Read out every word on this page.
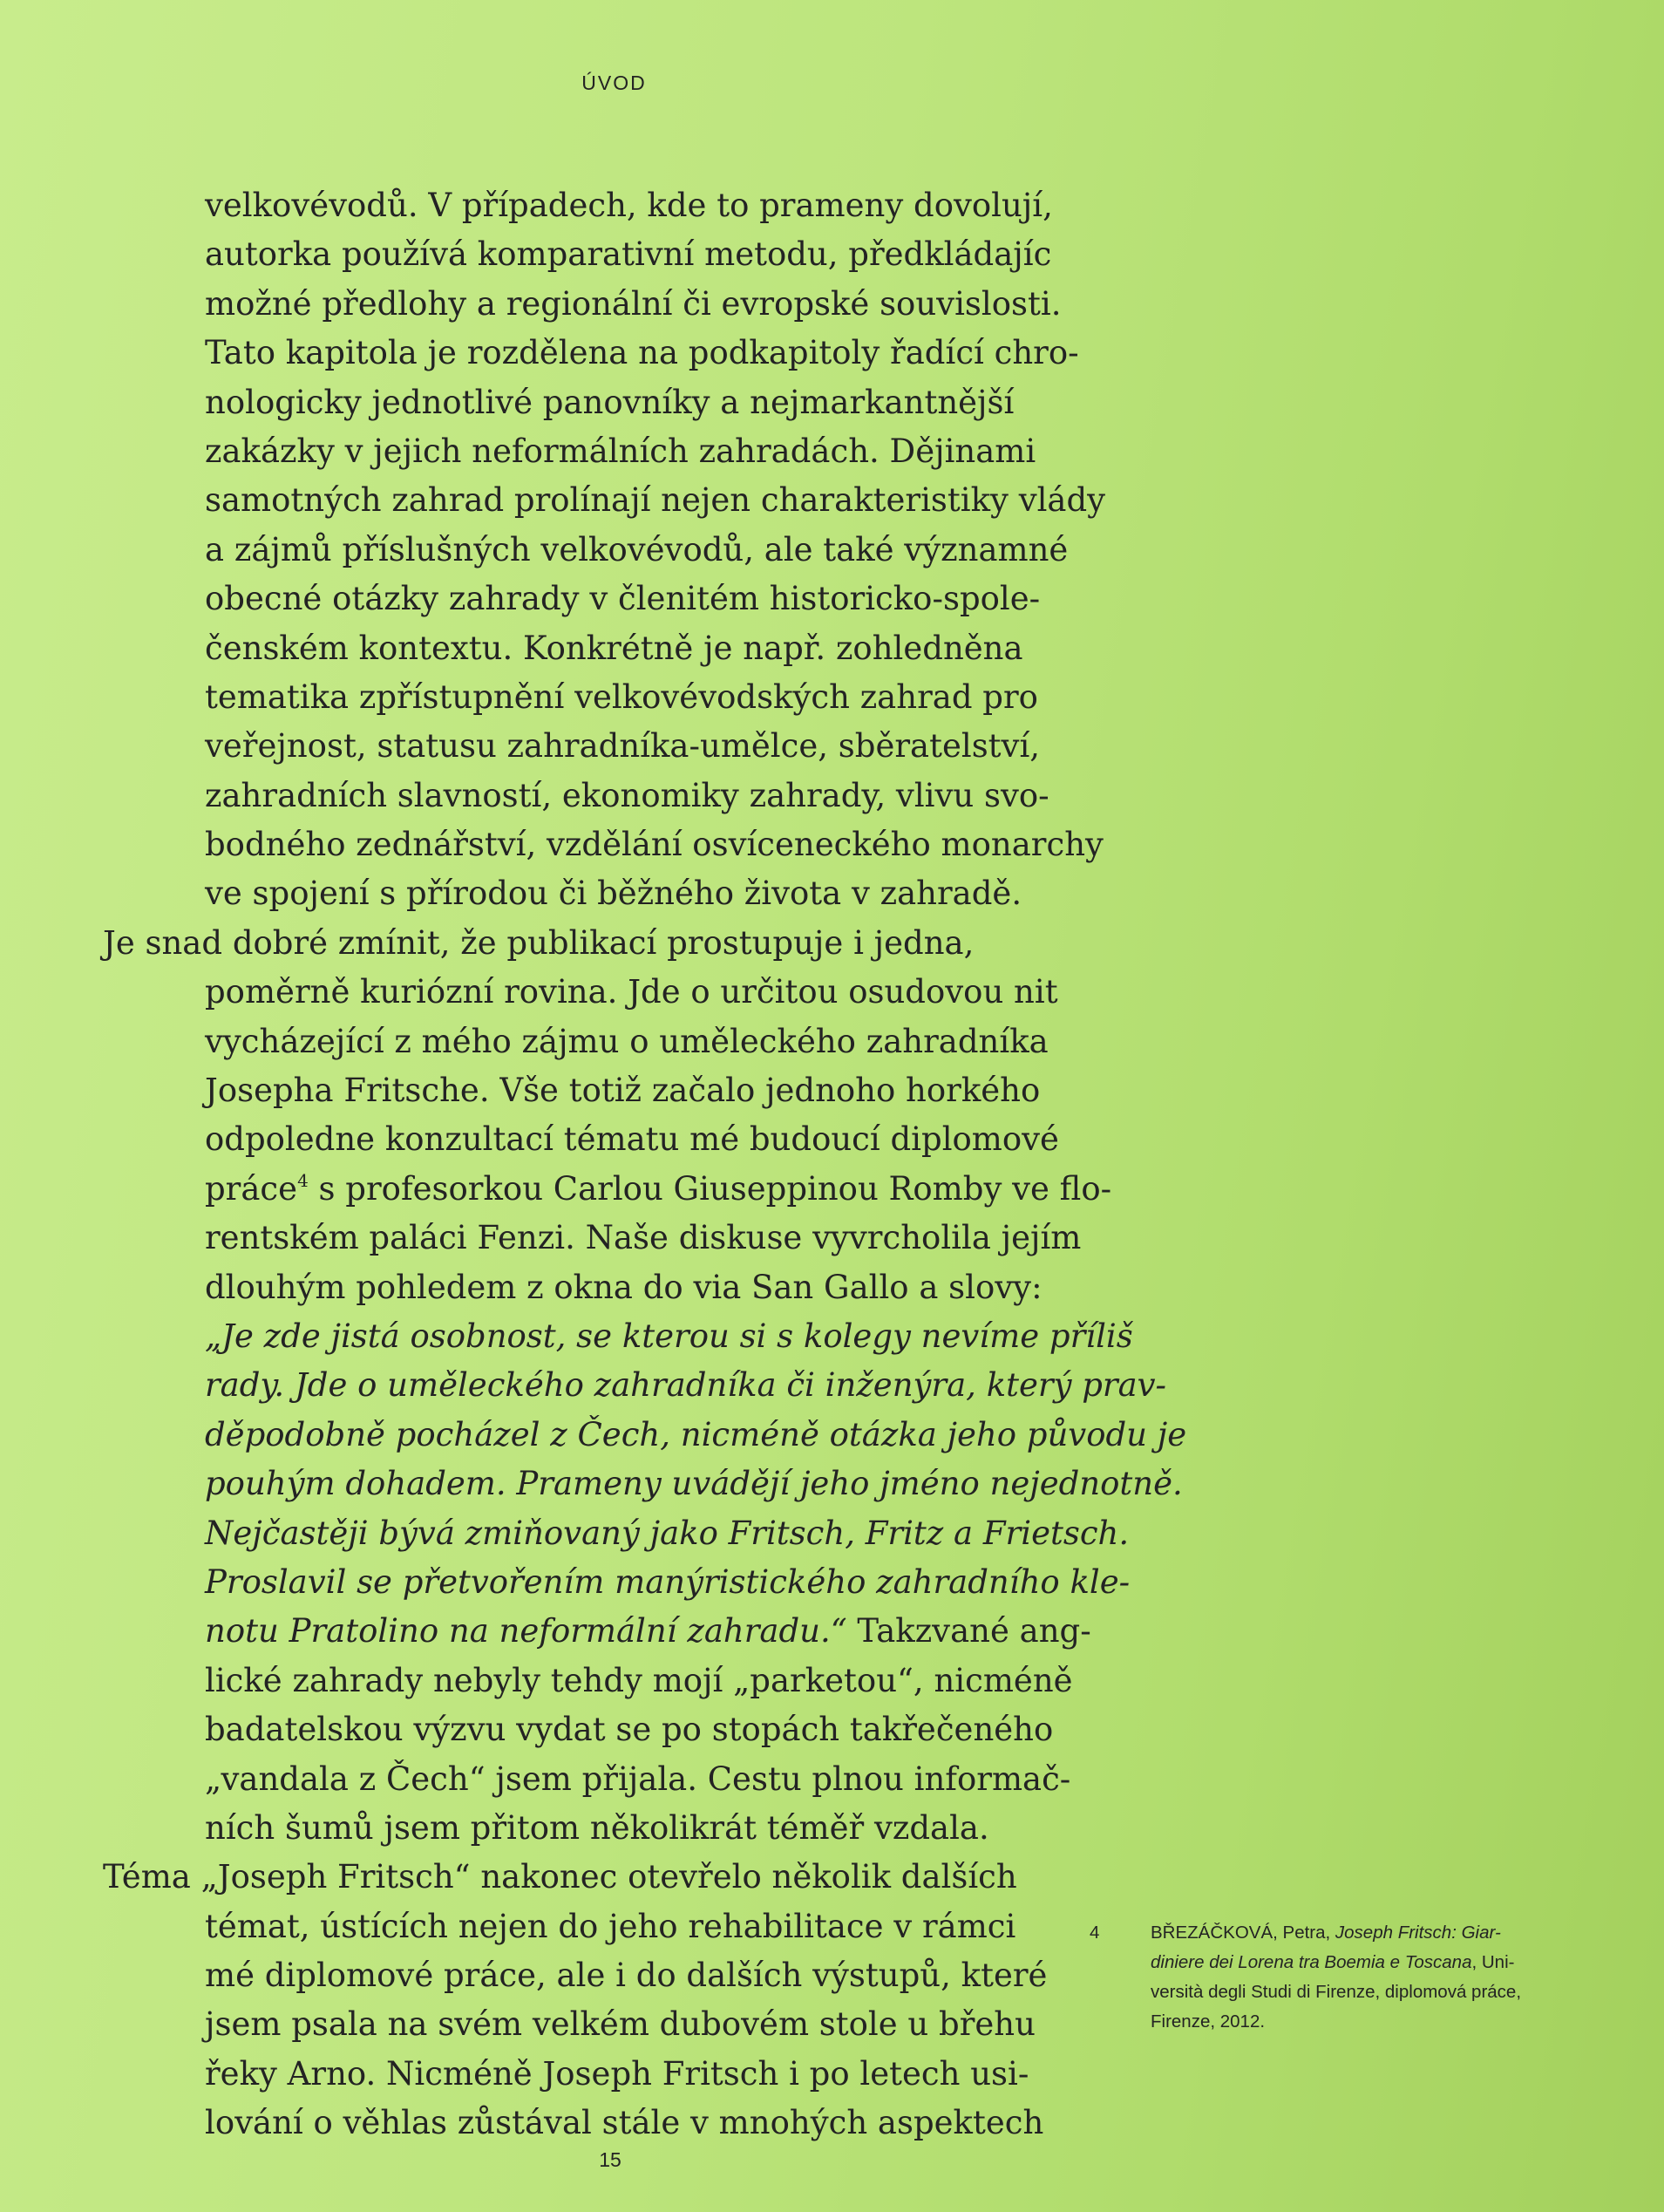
ÚVOD
velkovévodů. V případech, kde to prameny dovolují,
autorka používá komparativní metodu, předkládajíc
možné předlohy a regionální či evropské souvislosti.
Tato kapitola je rozdělena na podkapitoly řadící chro-
nologicky jednotlivé panovníky a nejmarkantnější
zakázky v jejich neformálních zahradách. Dějinami
samotných zahrad prolínají nejen charakteristiky vlády
a zájmů příslušných velkovévodů, ale také významné
obecné otázky zahrady v členitém historicko-spole-
čenském kontextu. Konkrétně je např. zohledněna
tematika zpřístupnění velkovévodských zahrad pro
veřejnost, statusu zahradníka-umělce, sběratelství,
zahradních slavností, ekonomiky zahrady, vlivu svo-
bodného zednářství, vzdělání osvíceneckého monarchy
ve spojení s přírodou či běžného života v zahradě.
Je snad dobré zmínit, že publikací prostupuje i jedna,
poměrně kuriózní rovina. Jde o určitou osudovou nit
vycházející z mého zájmu o uměleckého zahradníka
Josepha Fritsche. Vše totiž začalo jednoho horkého
odpoledne konzultací tématu mé budoucí diplomové
práce$^4$ s profesorkou Carlou Giuseppinou Romby ve flo-
rentském paláci Fenzi. Naše diskuse vyvrcholila jejím
dlouhým pohledem z okna do via San Gallo a slovy:
„Je zde jistá osobnost, se kterou si s kolegy nevíme příliš
rady. Jde o uměleckého zahradníka či inženýra, který prav-
děpodobně pocházel z Čech, nicméně otázka jeho původu je
pouhým dohadem. Prameny uvádějí jeho jméno nejednotně.
Nejčastěji bývá zmiňovaný jako Fritsch, Fritz a Frietsch.
Proslavil se přetvořením manýristického zahradního kle-
notu Pratolino na neformální zahradu.“ Takzvané ang-
lické zahrady nebyly tehdy mojí „parketou“, nicméně
badatelskou výzvu vydat se po stopách takřečeného
„vandala z Čech“ jsem přijala. Cestu plnou informač-
ních šumů jsem přitom několikrát téměř vzdala.
Téma „Joseph Fritsch“ nakonec otevřelo několik dalších
témat, ústících nejen do jeho rehabilitace v rámci
mé diplomové práce, ale i do dalších výstupů, které
jsem psala na svém velkém dubovém stole u břehu
řeky Arno. Nicméně Joseph Fritsch i po letech usi-
lování o věhlas zůstával stále v mnohých aspektech
4	BŘEZÁČKOVÁ, Petra, Joseph Fritsch: Giar-
diniere dei Lorena tra Boemia e Toscana, Uni-
versità degli Studi di Firenze, diplomová práce,
Firenze, 2012.
15
